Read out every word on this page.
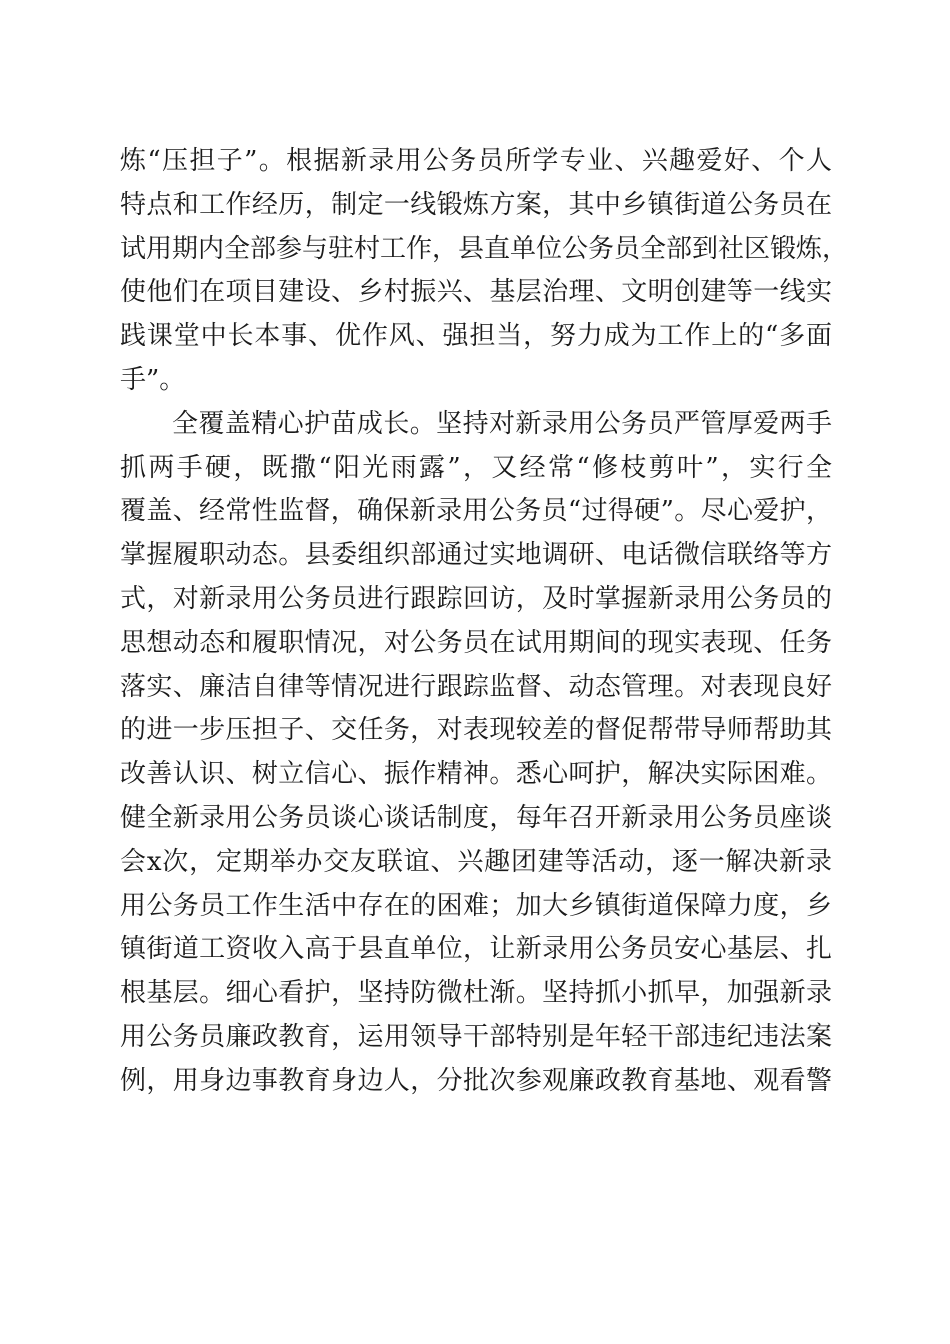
炼“压担子”。根据新录用公务员所学专业、兴趣爱好、个人
特点和工作经历，制定一线锻炼方案，其中乡镇街道公务员在
试用期内全部参与驻村工作，县直单位公务员全部到社区锻炼，
使他们在项目建设、乡村振兴、基层治理、文明创建等一线实
践课堂中长本事、优作风、强担当，努力成为工作上的“多面
手”。
全覆盖精心护苗成长。坚持对新录用公务员严管厚爱两手
抓两手硬，既撒“阳光雨露”，又经常“修枝剪叶”，实行全
覆盖、经常性监督，确保新录用公务员“过得硬”。尽心爱护，
掌握履职动态。县委组织部通过实地调研、电话微信联络等方
式，对新录用公务员进行跟踪回访，及时掌握新录用公务员的
思想动态和履职情况，对公务员在试用期间的现实表现、任务
落实、廉洁自律等情况进行跟踪监督、动态管理。对表现良好
的进一步压担子、交任务，对表现较差的督促帮带导师帮助其
改善认识、树立信心、振作精神。悉心呵护，解决实际困难。
健全新录用公务员谈心谈话制度，每年召开新录用公务员座谈
会x次，定期举办交友联谊、兴趣团建等活动，逐一解决新录
用公务员工作生活中存在的困难；加大乡镇街道保障力度，乡
镇街道工资收入高于县直单位，让新录用公务员安心基层、扎
根基层。细心看护，坚持防微杜渐。坚持抓小抓早，加强新录
用公务员廉政教育，运用领导干部特别是年轻干部违纪违法案
例，用身边事教育身边人，分批次参观廉政教育基地、观看警
